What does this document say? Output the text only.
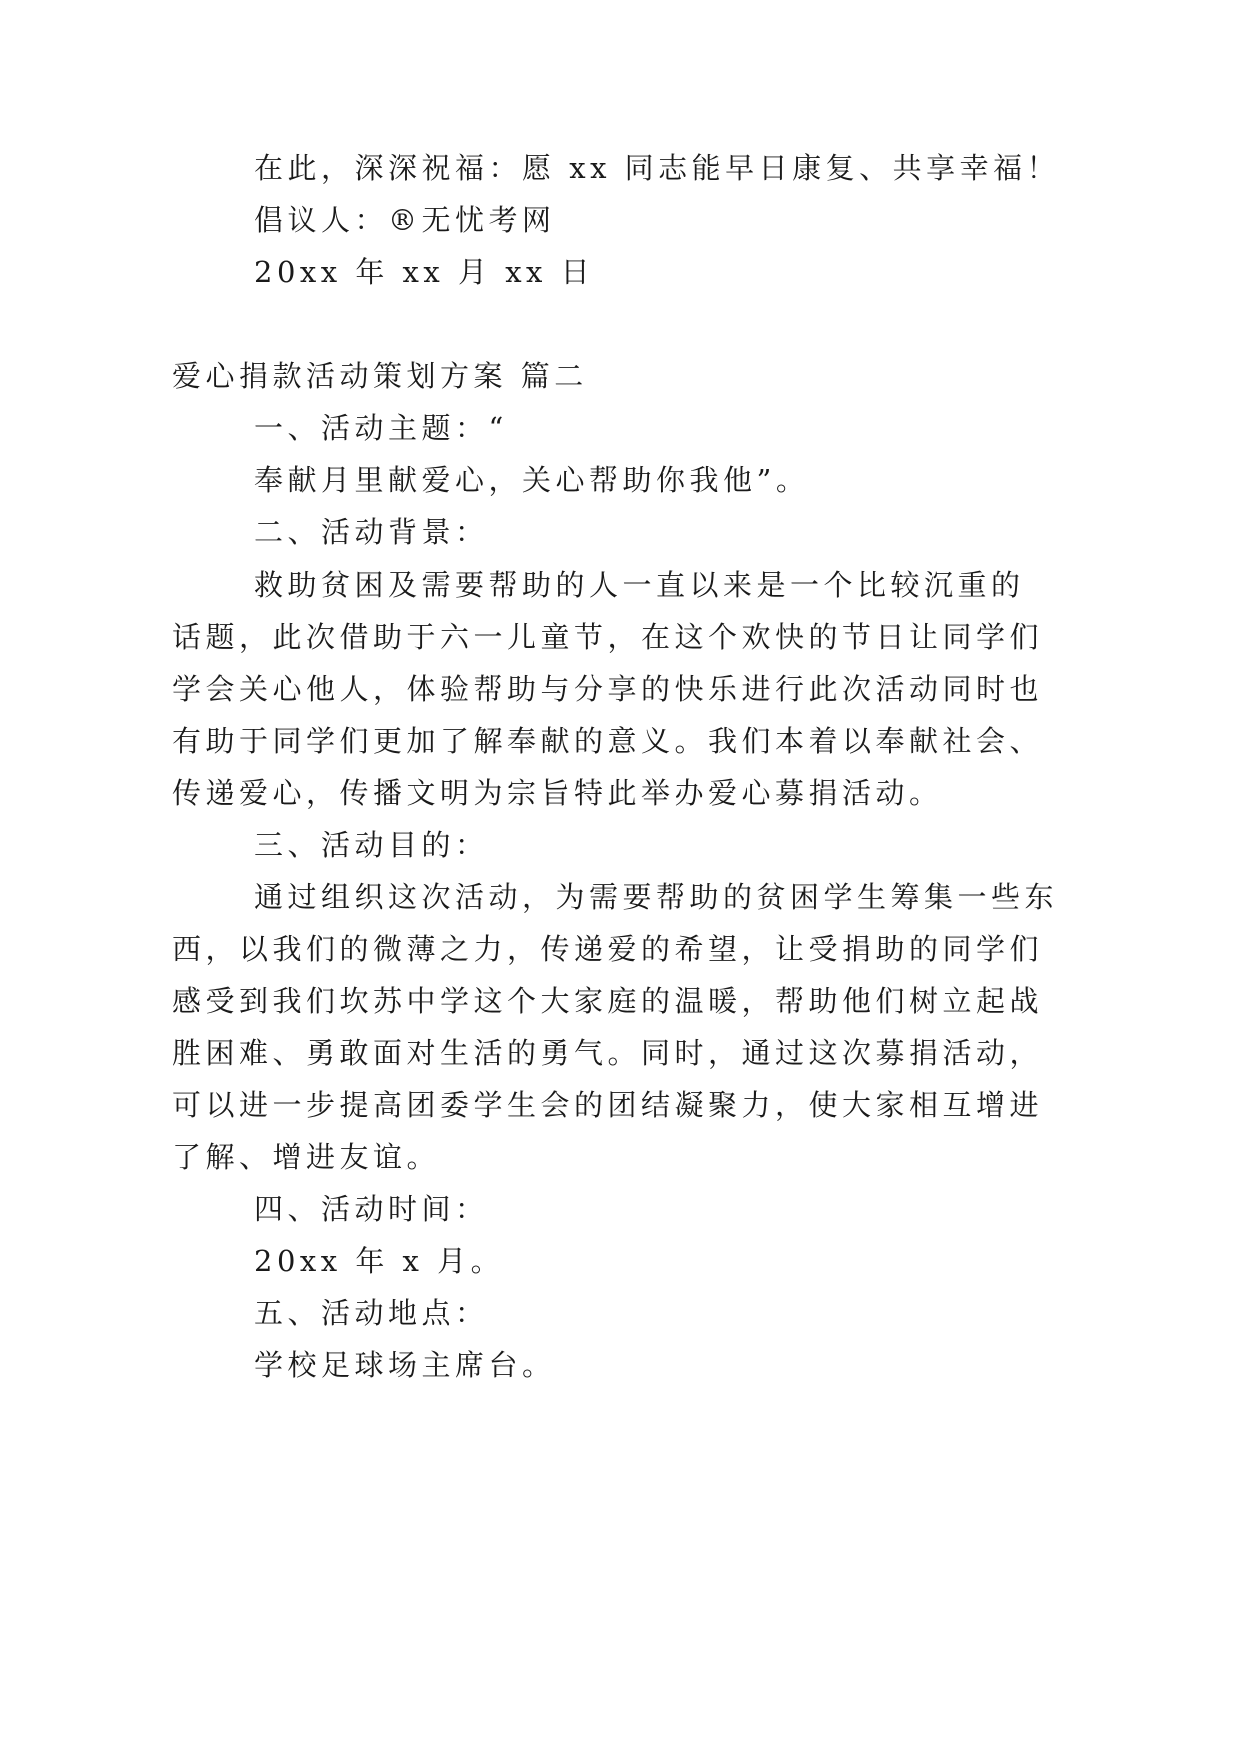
在此，深深祝福：愿 xx 同志能早日康复、共享幸福！
倡议人：®无忧考网
20xx 年 xx 月 xx 日
爱心捐款活动策划方案 篇二
一、活动主题：“
奉献月里献爱心，关心帮助你我他”。
二、活动背景：
救助贫困及需要帮助的人一直以来是一个比较沉重的
话题，此次借助于六一儿童节，在这个欢快的节日让同学们
学会关心他人，体验帮助与分享的快乐进行此次活动同时也
有助于同学们更加了解奉献的意义。我们本着以奉献社会、
传递爱心，传播文明为宗旨特此举办爱心募捐活动。
三、活动目的：
通过组织这次活动，为需要帮助的贫困学生筹集一些东
西，以我们的微薄之力，传递爱的希望，让受捐助的同学们
感受到我们坎苏中学这个大家庭的温暖，帮助他们树立起战
胜困难、勇敢面对生活的勇气。同时，通过这次募捐活动，
可以进一步提高团委学生会的团结凝聚力，使大家相互增进
了解、增进友谊。
四、活动时间：
20xx 年 x 月。
五、活动地点：
学校足球场主席台。
